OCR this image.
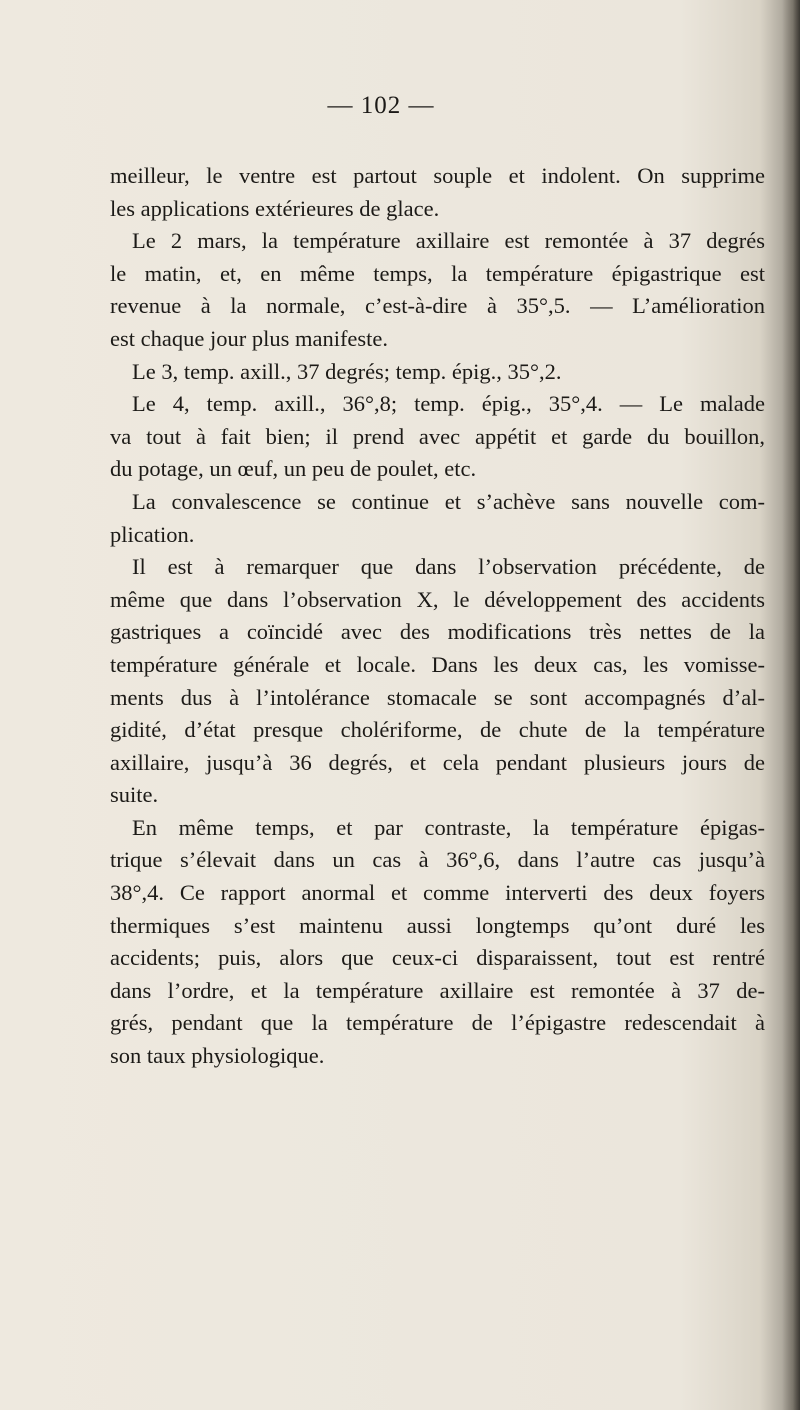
— 102 —
meilleur, le ventre est partout souple et indolent. On supprime
les applications extérieures de glace.
Le 2 mars, la température axillaire est remontée à 37 degrés
le matin, et, en même temps, la température épigastrique est
revenue à la normale, c’est-à-dire à 35°,5. — L’amélioration
est chaque jour plus manifeste.
Le 3, temp. axill., 37 degrés; temp. épig., 35°,2.
Le 4, temp. axill., 36°,8; temp. épig., 35°,4. — Le malade
va tout à fait bien; il prend avec appétit et garde du bouillon,
du potage, un œuf, un peu de poulet, etc.
La convalescence se continue et s’achève sans nouvelle com-
plication.
Il est à remarquer que dans l’observation précédente, de
même que dans l’observation X, le développement des accidents
gastriques a coïncidé avec des modifications très nettes de la
température générale et locale. Dans les deux cas, les vomisse-
ments dus à l’intolérance stomacale se sont accompagnés d’al-
gidité, d’état presque cholériforme, de chute de la température
axillaire, jusqu’à 36 degrés, et cela pendant plusieurs jours de
suite.
En même temps, et par contraste, la température épigas-
trique s’élevait dans un cas à 36°,6, dans l’autre cas jusqu’à
38°,4. Ce rapport anormal et comme interverti des deux foyers
thermiques s’est maintenu aussi longtemps qu’ont duré les
accidents; puis, alors que ceux-ci disparaissent, tout est rentré
dans l’ordre, et la température axillaire est remontée à 37 de-
grés, pendant que la température de l’épigastre redescendait à
son taux physiologique.
